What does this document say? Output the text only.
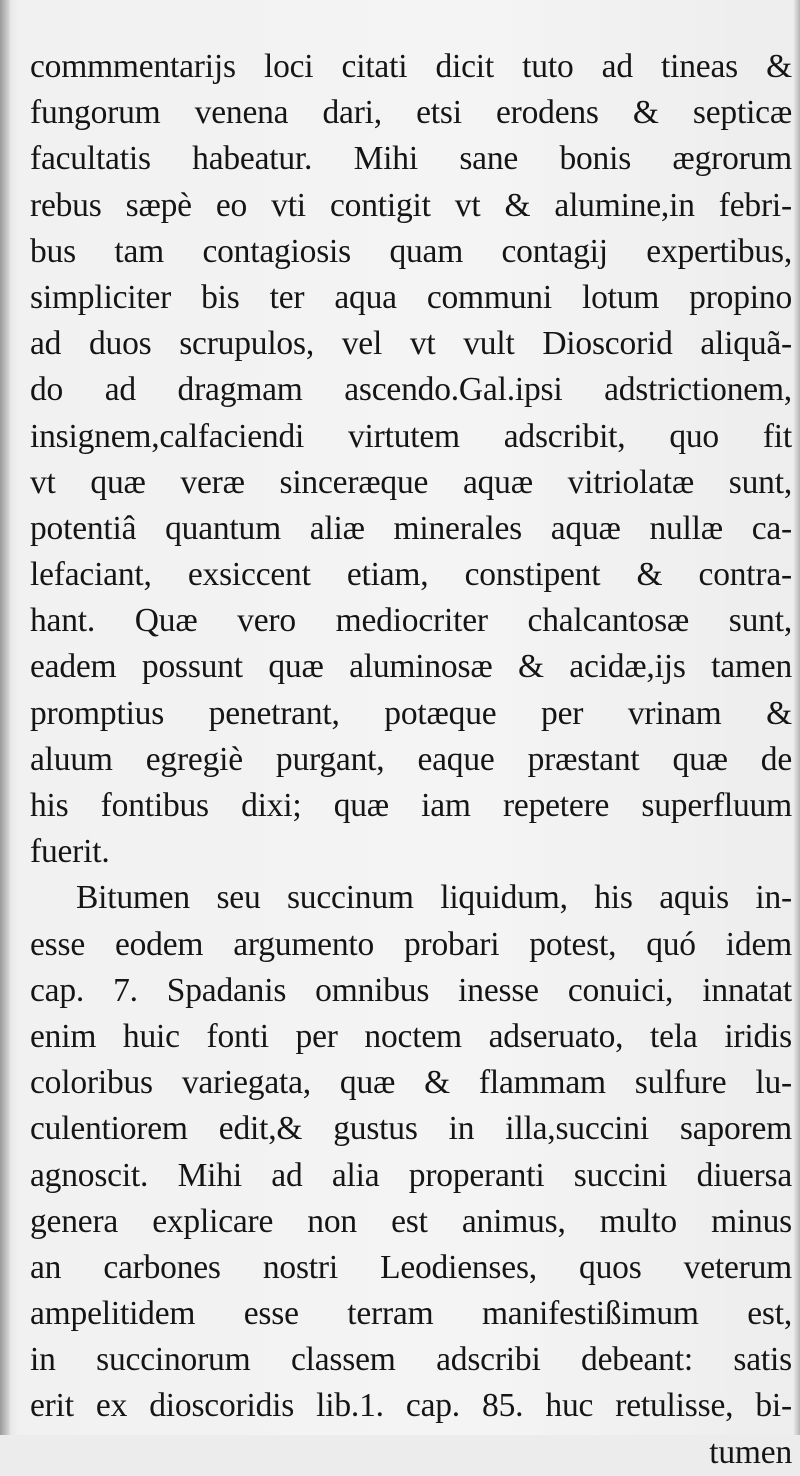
commmentarijs loci citati dicit tuto ad tineas &
fungorum venena dari, etsi erodens & septicæ
facultatis habeatur. Mihi sane bonis ægrorum
rebus sæpè eo vti contigit vt & alumine,in febri-
bus tam contagiosis quam contagij expertibus,
simpliciter bis ter aqua communi lotum propino
ad duos scrupulos, vel vt vult Dioscorid aliquã-
do ad dragmam ascendo.Gal.ipsi adstrictionem,
insignem,calfaciendi virtutem adscribit, quo fit
vt quæ veræ sinceræque aquæ vitriolatæ sunt,
potentiâ quantum aliæ minerales aquæ nullæ ca-
lefaciant, exsiccent etiam, constipent & contra-
hant. Quæ vero mediocriter chalcantosæ sunt,
eadem possunt quæ aluminosæ & acidæ,ijs tamen
promptius penetrant, potæque per vrinam &
aluum egregiè purgant, eaque præstant quæ de
his fontibus dixi; quæ iam repetere superfluum
fuerit.
Bitumen seu succinum liquidum, his aquis in-
esse eodem argumento probari potest, quó idem
cap. 7. Spadanis omnibus inesse conuici, innatat
enim huic fonti per noctem adseruato, tela iridis
coloribus variegata, quæ & flammam sulfure lu-
culentiorem edit,& gustus in illa,succini saporem
agnoscit. Mihi ad alia properanti succini diuersa
genera explicare non est animus, multo minus
an carbones nostri Leodienses, quos veterum
ampelitidem esse terram manifestißimum est,
in succinorum classem adscribi debeant: satis
erit ex dioscoridis lib.1. cap. 85. huc retulisse, bi-
tumen
